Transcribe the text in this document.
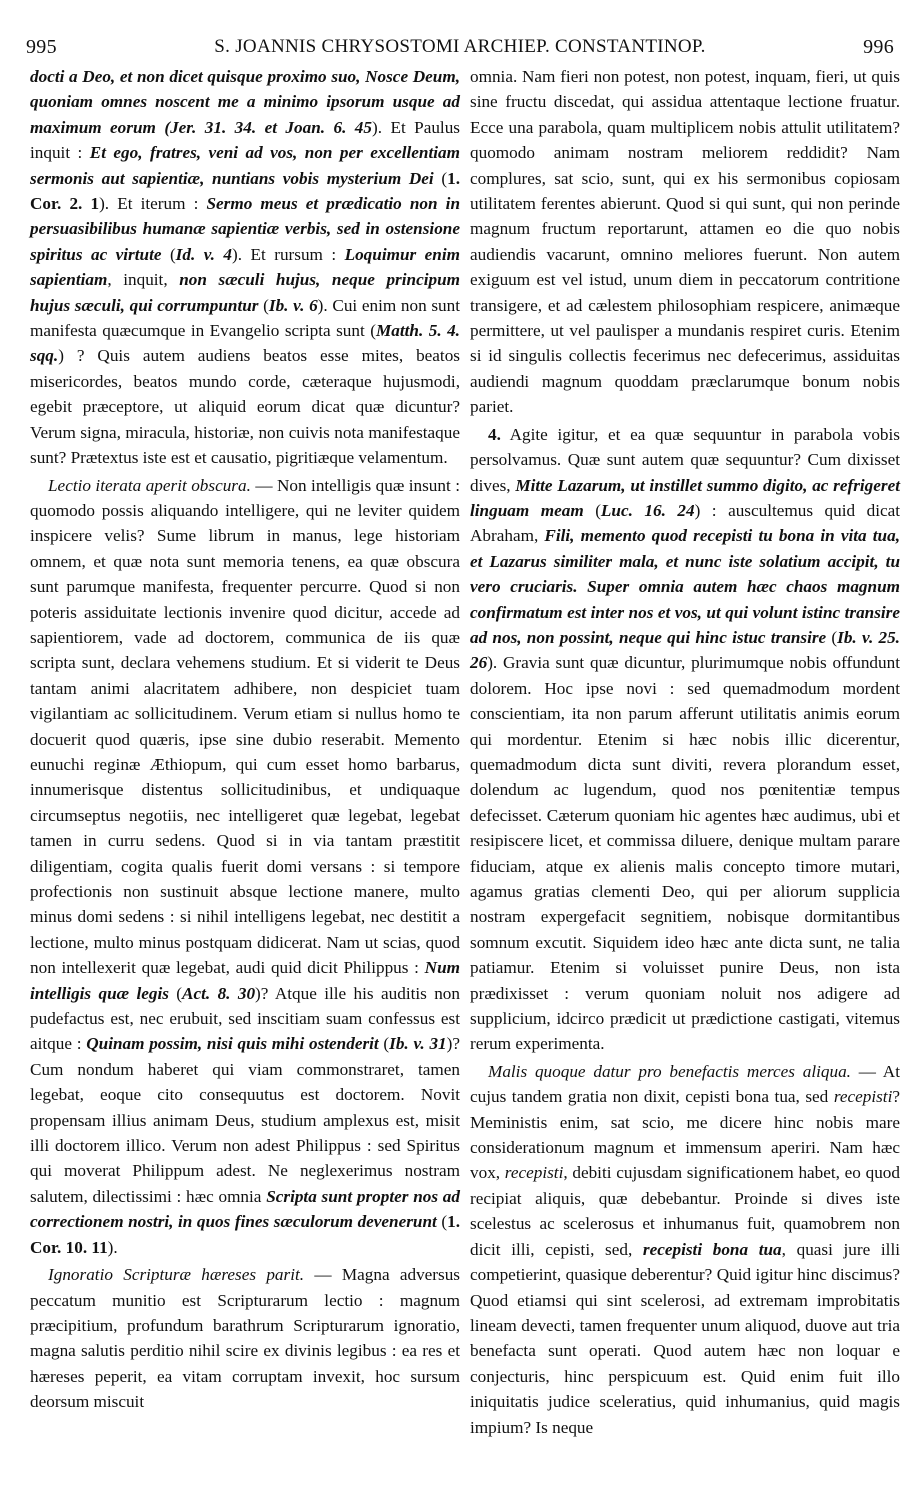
995	S. JOANNIS CHRYSOSTOMI ARCHIEP. CONSTANTINOP.	996

docti a Deo, et non dicet quisque proximo suo, Nosce Deum, quoniam omnes noscent me a minimo ipsorum usque ad maximum eorum (Jer. 31. 34. et Joan. 6. 45). Et Paulus inquit : Et ego, fratres, veni ad vos, non per excellentiam sermonis aut sapientiæ, nuntians vobis mysterium Dei (1. Cor. 2. 1). Et iterum : Sermo meus et prædicatio non in persuasibilibus humanæ sapientiæ verbis, sed in ostensione spiritus ac virtute (Id. v. 4). Et rursum : Loquimur enim sapientiam, inquit, non sæculi hujus, neque principum hujus sæculi, qui corrumpuntur (Ib. v. 6). Cui enim non sunt manifesta quæcumque in Evangelio scripta sunt (Matth. 5. 4. sqq.) ? Quis autem audiens beatos esse mites, beatos misericordes, beatos mundo corde, cæteraque hujusmodi, egebit præceptore, ut aliquid eorum dicat quæ dicuntur? Verum signa, miracula, historiæ, non cuivis nota manifestaque sunt? Prætextus iste est et causatio, pigritiæque velamentum.

Lectio iterata aperit obscura. — Non intelligis quæ insunt : quomodo possis aliquando intelligere, qui ne leviter quidem inspicere velis? Sume librum in manus, lege historiam omnem, et quæ nota sunt memoria tenens, ea quæ obscura sunt parumque manifesta, frequenter percurre. Quod si non poteris assiduitate lectionis invenire quod dicitur, accede ad sapientiorem, vade ad doctorem, communica de iis quæ scripta sunt, declara vehemens studium. Et si viderit te Deus tantam animi alacritatem adhibere, non despiciet tuam vigilantiam ac sollicitudinem. Verum etiam si nullus homo te docuerit quod quæris, ipse sine dubio reserabit. Memento eunuchi reginæ Æthiopum, qui cum esset homo barbarus, innumerisque distentus sollicitudinibus, et undiquaque circumseptus negotiis, nec intelligeret quæ legebat, legebat tamen in curru sedens. Quod si in via tantam præstitit diligentiam, cogita qualis fuerit domi versans : si tempore profectionis non sustinuit absque lectione manere, multo minus domi sedens : si nihil intelligens legebat, nec destitit a lectione, multo minus postquam didicerat. Nam ut scias, quod non intellexerit quæ legebat, audi quid dicit Philippus : Num intelligis quæ legis (Act. 8. 30)? Atque ille his auditis non pudefactus est, nec erubuit, sed inscitiam suam confessus est aitque : Quinam possim, nisi quis mihi ostenderit (Ib. v. 31)? Cum nondum haberet qui viam commonstraret, tamen legebat, eoque cito consequutus est doctorem. Novit propensam illius animam Deus, studium amplexus est, misit illi doctorem illico. Verum non adest Philippus : sed Spiritus qui moverat Philippum adest. Ne neglexerimus nostram salutem, dilectissimi : hæc omnia Scripta sunt propter nos ad correctionem nostri, in quos fines sæculorum devenerunt (1. Cor. 10. 11).

Ignoratio Scripturæ hæreses parit. — Magna adversus peccatum munitio est Scripturarum lectio : magnum præcipitium, profundum barathrum Scripturarum ignoratio, magna salutis perditio nihil scire ex divinis legibus : ea res et hæreses peperit, ea vitam corruptam invexit, hoc sursum deorsum miscuit

omnia. Nam fieri non potest, non potest, inquam, fieri, ut quis sine fructu discedat, qui assidua attentaque lectione fruatur. Ecce una parabola, quam multiplicem nobis attulit utilitatem? quomodo animam nostram meliorem reddidit? Nam complures, sat scio, sunt, qui ex his sermonibus copiosam utilitatem ferentes abierunt. Quod si qui sunt, qui non perinde magnum fructum reportarunt, attamen eo die quo nobis audiendis vacarunt, omnino meliores fuerunt. Non autem exiguum est vel istud, unum diem in peccatorum contritione transigere, et ad cælestem philosophiam respicere, animæque permittere, ut vel paulisper a mundanis respiret curis. Etenim si id singulis collectis fecerimus nec defecerimus, assiduitas audiendi magnum quoddam præclarumque bonum nobis pariet.

4. Agite igitur, et ea quæ sequuntur in parabola vobis persolvamus. Quæ sunt autem quæ sequuntur? Cum dixisset dives, Mitte Lazarum, ut instillet summo digito, ac refrigeret linguam meam (Luc. 16. 24) : auscultemus quid dicat Abraham, Fili, memento quod recepisti tu bona in vita tua, et Lazarus similiter mala, et nunc iste solatium accipit, tu vero cruciaris. Super omnia autem hæc chaos magnum confirmatum est inter nos et vos, ut qui volunt istinc transire ad nos, non possint, neque qui hinc istuc transire (Ib. v. 25. 26). Gravia sunt quæ dicuntur, plurimumque nobis offundunt dolorem. Hoc ipse novi : sed quemadmodum mordent conscientiam, ita non parum afferunt utilitatis animis eorum qui mordentur. Etenim si hæc nobis illic dicerentur, quemadmodum dicta sunt diviti, revera plorandum esset, dolendum ac lugendum, quod nos pœnitentiæ tempus defecisset. Cæterum quoniam hic agentes hæc audimus, ubi et resipiscere licet, et commissa diluere, denique multam parare fiduciam, atque ex alienis malis concepto timore mutari, agamus gratias clementi Deo, qui per aliorum supplicia nostram expergefacit segnitiem, nobisque dormitantibus somnum excutit. Siquidem ideo hæc ante dicta sunt, ne talia patiamur. Etenim si voluisset punire Deus, non ista prædixisset : verum quoniam noluit nos adigere ad supplicium, idcirco prædicit ut prædictione castigati, vitemus rerum experimenta.

Malis quoque datur pro benefactis merces aliqua. — At cujus tandem gratia non dixit, cepisti bona tua, sed recepisti? Meministis enim, sat scio, me dicere hinc nobis mare considerationum magnum et immensum aperiri. Nam hæc vox, recepisti, debiti cujusdam significationem habet, eo quod recipiat aliquis, quæ debebantur. Proinde si dives iste scelestus ac scelerosus et inhumanus fuit, quamobrem non dicit illi, cepisti, sed, recepisti bona tua, quasi jure illi competierint, quasique deberentur? Quid igitur hinc discimus? Quod etiamsi qui sint scelerosi, ad extremam improbitatis lineam devecti, tamen frequenter unum aliquod, duove aut tria benefacta sunt operati. Quod autem hæc non loquar e conjecturis, hinc perspicuum est. Quid enim fuit illo iniquitatis judice sceleratius, quid inhumanius, quid magis impium? Is neque
